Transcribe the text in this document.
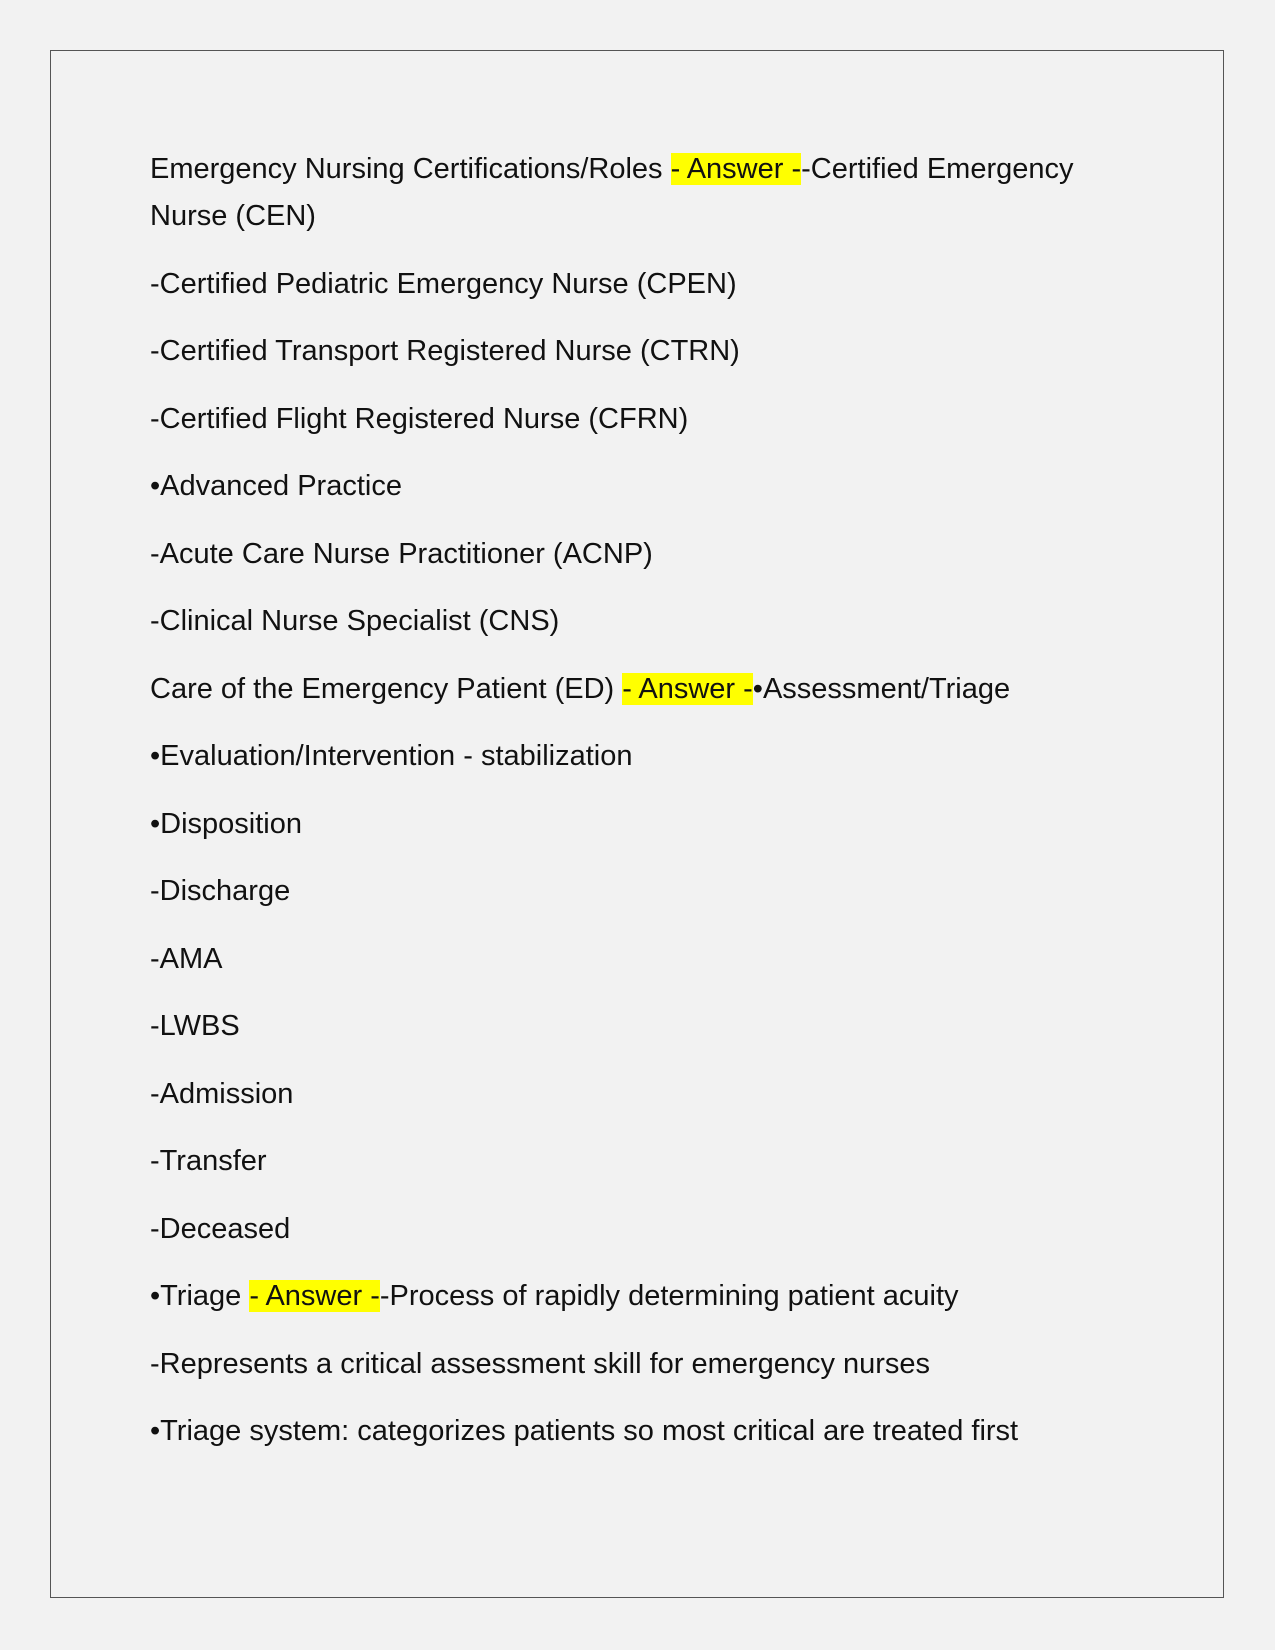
Emergency Nursing Certifications/Roles - Answer --Certified Emergency Nurse (CEN)

-Certified Pediatric Emergency Nurse (CPEN)

-Certified Transport Registered Nurse (CTRN)

-Certified Flight Registered Nurse (CFRN)

•Advanced Practice

-Acute Care Nurse Practitioner (ACNP)

-Clinical Nurse Specialist (CNS)

Care of the Emergency Patient (ED) - Answer -•Assessment/Triage

•Evaluation/Intervention - stabilization

•Disposition

-Discharge

-AMA

-LWBS

-Admission

-Transfer

-Deceased

•Triage - Answer --Process of rapidly determining patient acuity

-Represents a critical assessment skill for emergency nurses

•Triage system: categorizes patients so most critical are treated first
